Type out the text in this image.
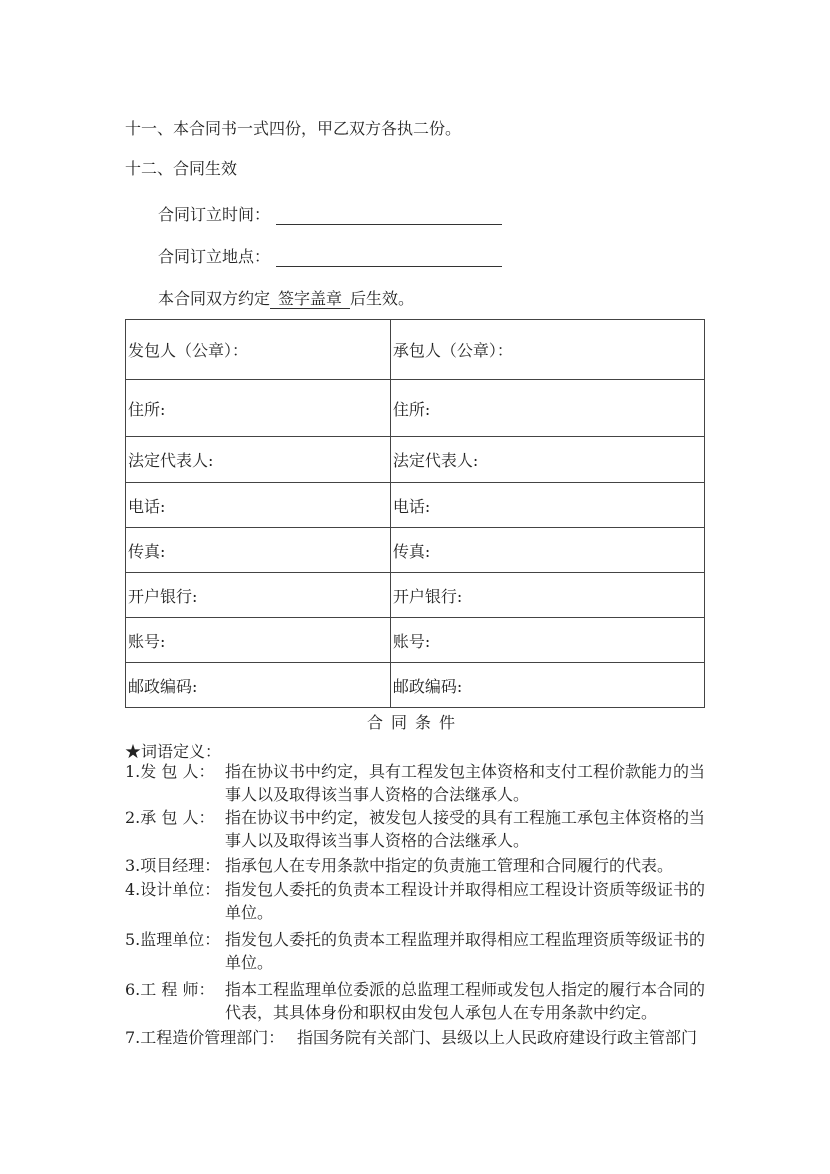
十一、本合同书一式四份，甲乙双方各执二份。
十二、合同生效
合同订立时间：
合同订立地点：
本合同双方约定 签字盖章 后生效。
发包人（公章）：	承包人（公章）：
住所:	住所:
法定代表人:	法定代表人:
电话:	电话:
传真:	传真:
开户银行:	开户银行:
账号:	账号:
邮政编码:	邮政编码:
合同条件
★词语定义：
1.发 包 人： 指在协议书中约定，具有工程发包主体资格和支付工程价款能力的当事人以及取得该当事人资格的合法继承人。
2.承 包 人： 指在协议书中约定，被发包人接受的具有工程施工承包主体资格的当事人以及取得该当事人资格的合法继承人。
3.项目经理： 指承包人在专用条款中指定的负责施工管理和合同履行的代表。
4.设计单位： 指发包人委托的负责本工程设计并取得相应工程设计资质等级证书的单位。
5.监理单位： 指发包人委托的负责本工程监理并取得相应工程监理资质等级证书的单位。
6.工 程 师： 指本工程监理单位委派的总监理工程师或发包人指定的履行本合同的代表，其具体身份和职权由发包人承包人在专用条款中约定。
7.工程造价管理部门： 指国务院有关部门、县级以上人民政府建设行政主管部门
